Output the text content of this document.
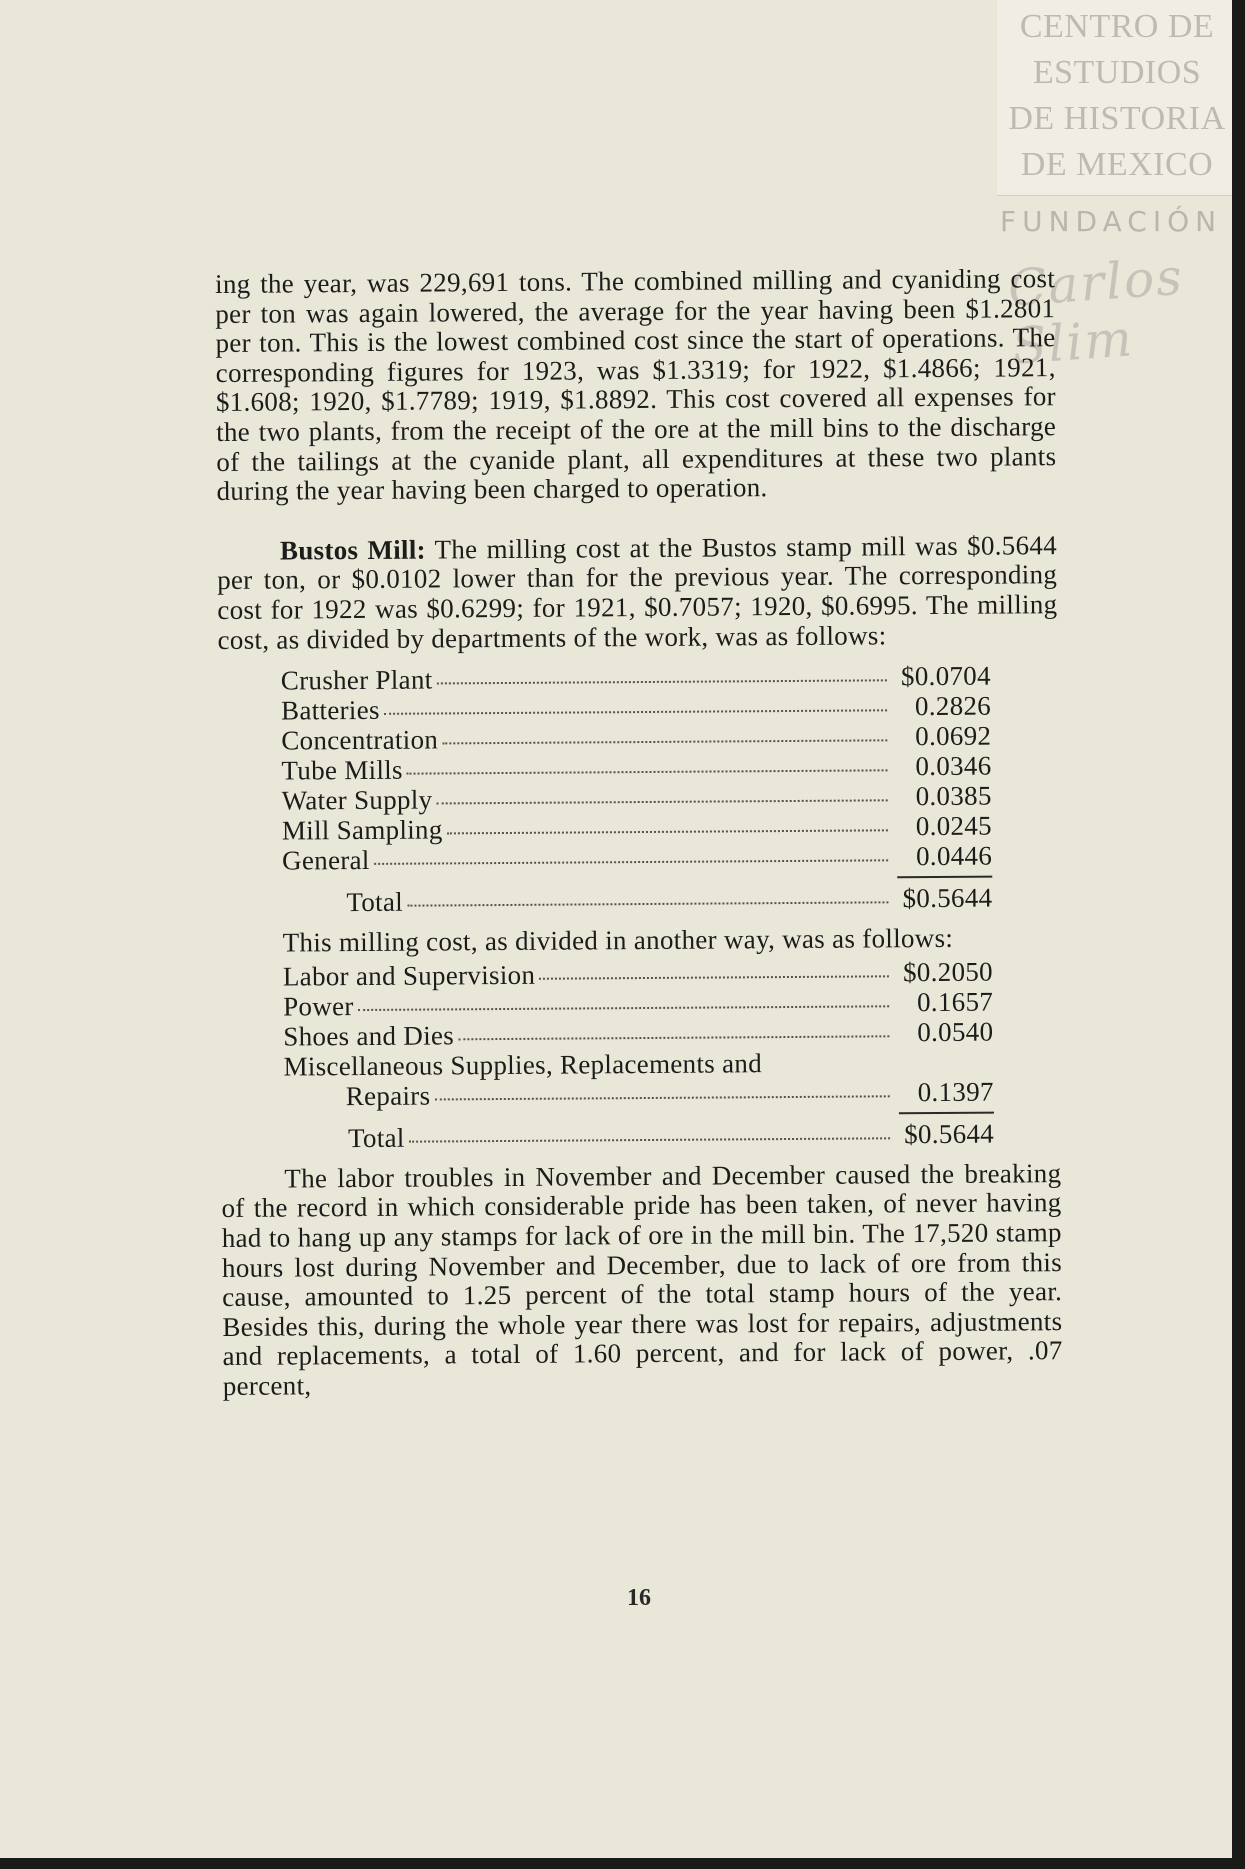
CENTRO DE
ESTUDIOS
DE HISTORIA
DE MEXICO
FUNDACIÓN
Carlos Slim

ing the year, was 229,691 tons. The combined milling and cyaniding cost per ton was again lowered, the average for the year having been $1.2801 per ton. This is the lowest combined cost since the start of operations. The corresponding figures for 1923, was $1.3319; for 1922, $1.4866; 1921, $1.608; 1920, $1.7789; 1919, $1.8892. This cost covered all expenses for the two plants, from the receipt of the ore at the mill bins to the discharge of the tailings at the cyanide plant, all expenditures at these two plants during the year having been charged to operation.

Bustos Mill: The milling cost at the Bustos stamp mill was $0.5644 per ton, or $0.0102 lower than for the previous year. The corresponding cost for 1922 was $0.6299; for 1921, $0.7057; 1920, $0.6995. The milling cost, as divided by departments of the work, was as follows:

Crusher Plant	$0.0704
Batteries	0.2826
Concentration	0.0692
Tube Mills	0.0346
Water Supply	0.0385
Mill Sampling	0.0245
General	0.0446
Total	$0.5644

This milling cost, as divided in another way, was as follows:

Labor and Supervision	$0.2050
Power	0.1657
Shoes and Dies	0.0540
Miscellaneous Supplies, Replacements and
Repairs	0.1397
Total	$0.5644

The labor troubles in November and December caused the breaking of the record in which considerable pride has been taken, of never having had to hang up any stamps for lack of ore in the mill bin. The 17,520 stamp hours lost during November and December, due to lack of ore from this cause, amounted to 1.25 percent of the total stamp hours of the year. Besides this, during the whole year there was lost for repairs, adjustments and replacements, a total of 1.60 percent, and for lack of power, .07 percent,

16
